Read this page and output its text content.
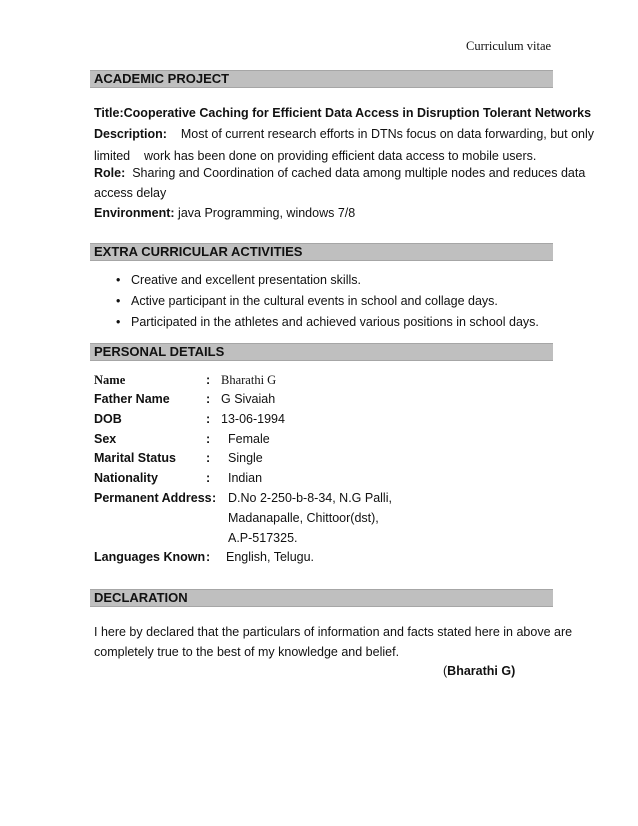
Curriculum vitae
ACADEMIC PROJECT
Title:Cooperative Caching for Efficient Data Access in Disruption Tolerant Networks
Description: Most of current research efforts in DTNs focus on data forwarding, but only
limited    work has been done on providing efficient data access to mobile users.
Role: Sharing and Coordination of cached data among multiple nodes and reduces data
access delay
Environment: java Programming, windows 7/8
EXTRA CURRICULAR ACTIVITIES
• Creative and excellent presentation skills.
• Active participant in the cultural events in school and collage days.
• Participated in the athletes and achieved various positions in school days.
PERSONAL DETAILS
Name	: Bharathi G
Father Name	: G Sivaiah
DOB	: 13-06-1994
Sex	: Female
Marital Status : Single
Nationality	: Indian
Permanent Address : D.No 2-250-b-8-34, N.G Palli,
Madanapalle, Chittoor(dst),
A.P-517325.
Languages Known : English, Telugu.
DECLARATION
I here by declared that the particulars of information and facts stated here in above are
completely true to the best of my knowledge and belief.
(Bharathi G)
